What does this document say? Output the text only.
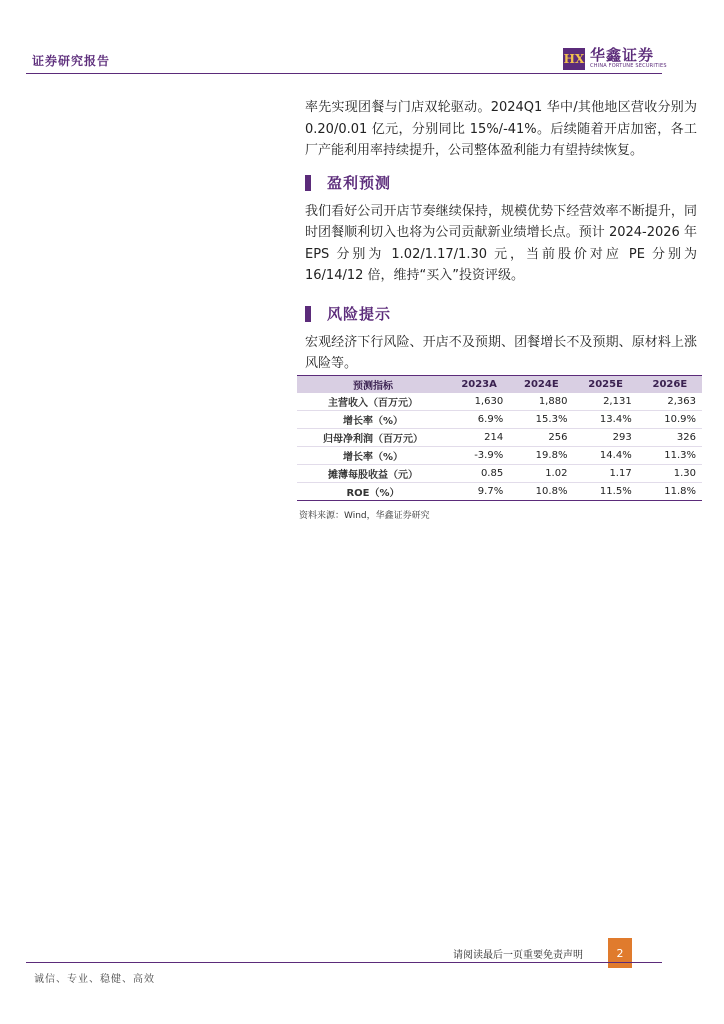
证券研究报告	HX 华鑫证券
CHINA FORTUNE SECURITIES

率先实现团餐与门店双轮驱动。2024Q1 华中/其他地区营收分别为 0.20/0.01 亿元，分别同比 15%/-41%。后续随着开店加密，各工厂产能利用率持续提升，公司整体盈利能力有望持续恢复。

盈利预测

我们看好公司开店节奏继续保持，规模优势下经营效率不断提升，同时团餐顺利切入也将为公司贡献新业绩增长点。预计 2024-2026 年 EPS 分别为 1.02/1.17/1.30 元，当前股价对应 PE 分别为 16/14/12 倍，维持“买入”投资评级。

风险提示

宏观经济下行风险、开店不及预期、团餐增长不及预期、原材料上涨风险等。

预测指标	2023A	2024E	2025E	2026E
主营收入（百万元）	1,630	1,880	2,131	2,363
增长率（%）	6.9%	15.3%	13.4%	10.9%
归母净利润（百万元）	214	256	293	326
增长率（%）	-3.9%	19.8%	14.4%	11.3%
摊薄每股收益（元）	0.85	1.02	1.17	1.30
ROE（%）	9.7%	10.8%	11.5%	11.8%
资料来源：Wind，华鑫证券研究
请阅读最后一页重要免责声明	2
诚信、专业、稳健、高效
